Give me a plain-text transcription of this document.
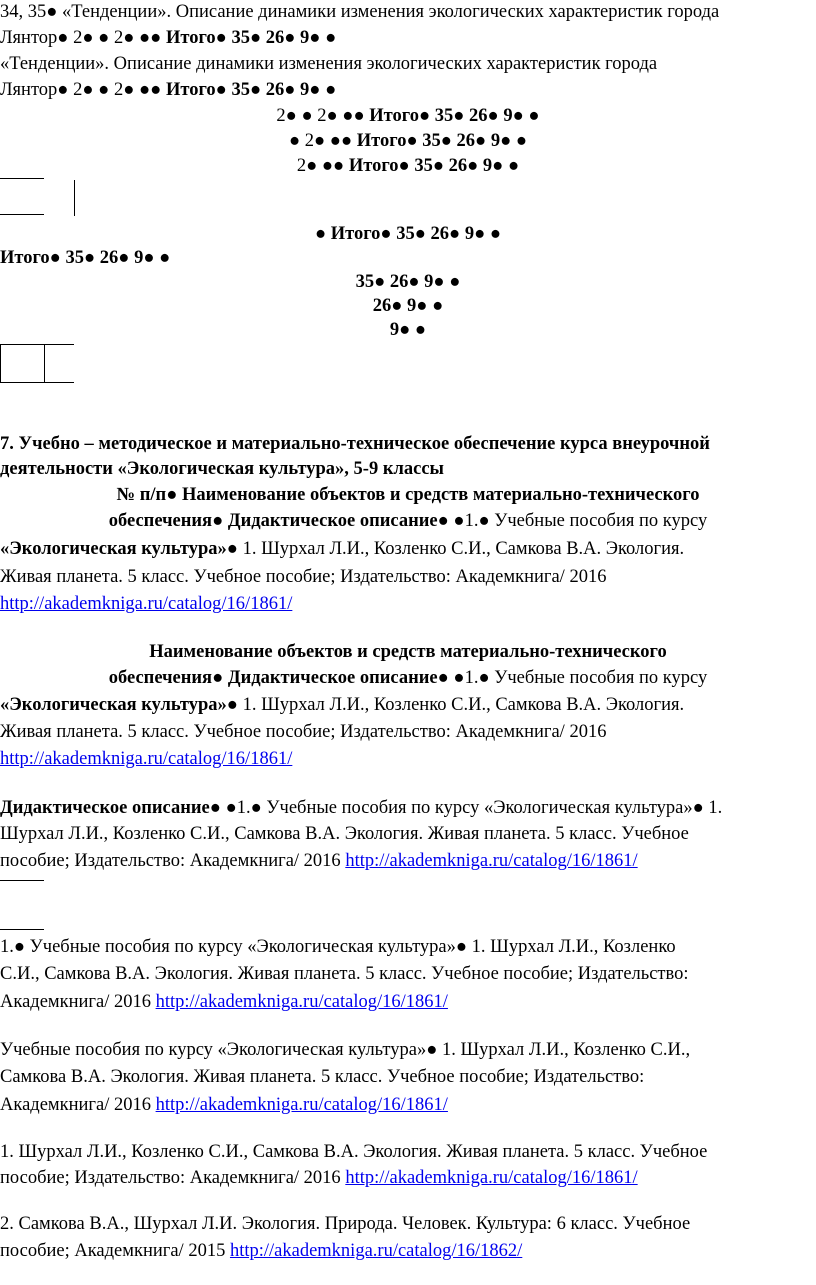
34, 35● «Тенденции». Описание динамики изменения экологических характеристик города
Лянтор● 2● ● 2● ●● Итого● 35● 26● 9● ●
«Тенденции». Описание динамики изменения экологических характеристик города
Лянтор● 2● ● 2● ●● Итого● 35● 26● 9● ●
2● ● 2● ●● Итого● 35● 26● 9● ●
● 2● ●● Итого● 35● 26● 9● ●
2● ●● Итого● 35● 26● 9● ●
● Итого● 35● 26● 9● ●
Итого● 35● 26● 9● ●
35● 26● 9● ●
26● 9● ●
9● ●
7. Учебно – методическое и материально-техническое обеспечение курса внеурочной
деятельности «Экологическая культура», 5-9 классы
№ п/п● Наименование объектов и средств материально-технического
обеспечения● Дидактическое описание● ●1.● Учебные пособия по курсу
«Экологическая культура»● 1. Шурхал Л.И., Козленко С.И., Самкова В.А. Экология.
Живая планета. 5 класс. Учебное пособие; Издательство: Академкнига/ 2016
http://akademkniga.ru/catalog/16/1861/
Наименование объектов и средств материально-технического
обеспечения● Дидактическое описание● ●1.● Учебные пособия по курсу
«Экологическая культура»● 1. Шурхал Л.И., Козленко С.И., Самкова В.А. Экология.
Живая планета. 5 класс. Учебное пособие; Издательство: Академкнига/ 2016
http://akademkniga.ru/catalog/16/1861/
Дидактическое описание● ●1.● Учебные пособия по курсу «Экологическая культура»● 1.
Шурхал Л.И., Козленко С.И., Самкова В.А. Экология. Живая планета. 5 класс. Учебное
пособие; Издательство: Академкнига/ 2016 http://akademkniga.ru/catalog/16/1861/
1.● Учебные пособия по курсу «Экологическая культура»● 1. Шурхал Л.И., Козленко
С.И., Самкова В.А. Экология. Живая планета. 5 класс. Учебное пособие; Издательство:
Академкнига/ 2016 http://akademkniga.ru/catalog/16/1861/
Учебные пособия по курсу «Экологическая культура»● 1. Шурхал Л.И., Козленко С.И.,
Самкова В.А. Экология. Живая планета. 5 класс. Учебное пособие; Издательство:
Академкнига/ 2016 http://akademkniga.ru/catalog/16/1861/
1. Шурхал Л.И., Козленко С.И., Самкова В.А. Экология. Живая планета. 5 класс. Учебное
пособие; Издательство: Академкнига/ 2016 http://akademkniga.ru/catalog/16/1861/
2. Самкова В.А., Шурхал Л.И. Экология. Природа. Человек. Культура: 6 класс. Учебное
пособие; Академкнига/ 2015 http://akademkniga.ru/catalog/16/1862/
